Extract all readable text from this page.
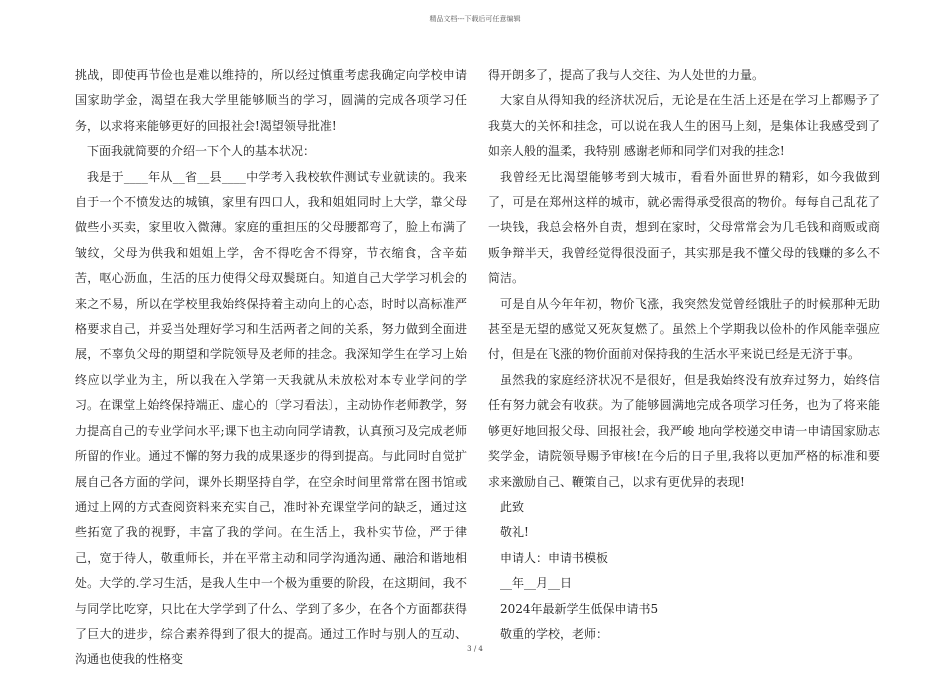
精品文档---下载后可任意编辑

挑战，即使再节俭也是难以维持的，所以经过慎重考虑我确定向学校申请国家助学金，渴望在我大学里能够顺当的学习，圆满的完成各项学习任务，以求将来能够更好的回报社会!渴望领导批准!

下面我就简要的介绍一下个人的基本状况：

我是于____年从__省__县____中学考入我校软件测试专业就读的。我来自于一个不愤发达的城镇，家里有四口人，我和姐姐同时上大学，靠父母做些小买卖，家里收入微薄。家庭的重担压的父母腰都弯了，脸上布满了皱纹，父母为供我和姐姐上学，舍不得吃舍不得穿，节衣缩食，含辛茹苦，呕心沥血，生活的压力使得父母双鬓斑白。知道自己大学学习机会的来之不易，所以在学校里我始终保持着主动向上的心态，时时以高标准严格要求自己，并妥当处理好学习和生活两者之间的关系，努力做到全面进展，不辜负父母的期望和学院领导及老师的挂念。我深知学生在学习上始终应以学业为主，所以我在入学第一天我就从未放松对本专业学问的学习。在课堂上始终保持端正、虚心的〔学习看法〕，主动协作老师教学，努力提高自己的专业学问水平;课下也主动向同学请教，认真预习及完成老师所留的作业。通过不懈的努力我的成果逐步的得到提高。与此同时自觉扩展自己各方面的学问，课外长期坚持自学，在空余时间里常常在图书馆或通过上网的方式查阅资料来充实自己，准时补充课堂学问的缺乏，通过这些拓宽了我的视野，丰富了我的学问。在生活上，我朴实节俭，严于律己，宽于待人，敬重师长，并在平常主动和同学沟通沟通、融洽和谐地相处。大学的.学习生活，是我人生中一个极为重要的阶段，在这期间，我不与同学比吃穿，只比在大学学到了什么、学到了多少，在各个方面都获得了巨大的进步，综合素养得到了很大的提高。通过工作时与别人的互动、沟通也使我的性格变

得开朗多了，提高了我与人交往、为人处世的力量。

大家自从得知我的经济状况后，无论是在生活上还是在学习上都赐予了我莫大的关怀和挂念，可以说在我人生的困马上刻，是集体让我感受到了如亲人般的温柔，我特别 感谢老师和同学们对我的挂念!

我曾经无比渴望能够考到大城市，看看外面世界的精彩，如今我做到了，可是在郑州这样的城市，就必需得承受很高的物价。每每自己乱花了一块钱，我总会格外自责，想到在家时，父母常常会为几毛钱和商贩或商贩争辩半天，我曾经觉得很没面子，其实那是我不懂父母的钱赚的多么不简洁。

可是自从今年年初，物价飞涨，我突然发觉曾经饿肚子的时候那种无助甚至是无望的感觉又死灰复燃了。虽然上个学期我以俭朴的作风能幸强应付，但是在飞涨的物价面前对保持我的生活水平来说已经是无济于事。

虽然我的家庭经济状况不是很好，但是我始终没有放弃过努力，始终信任有努力就会有收获。为了能够圆满地完成各项学习任务，也为了将来能够更好地回报父母、回报社会，我严峻 地向学校递交申请一申请国家励志奖学金，请院领导赐予审核!在今后的日子里,我将以更加严格的标准和要求来激励自己、鞭策自己，以求有更优异的表现!

此致

敬礼!

申请人：申请书模板

__年__月__日

2024年最新学生低保申请书5

敬重的学校，老师：

3 / 4
